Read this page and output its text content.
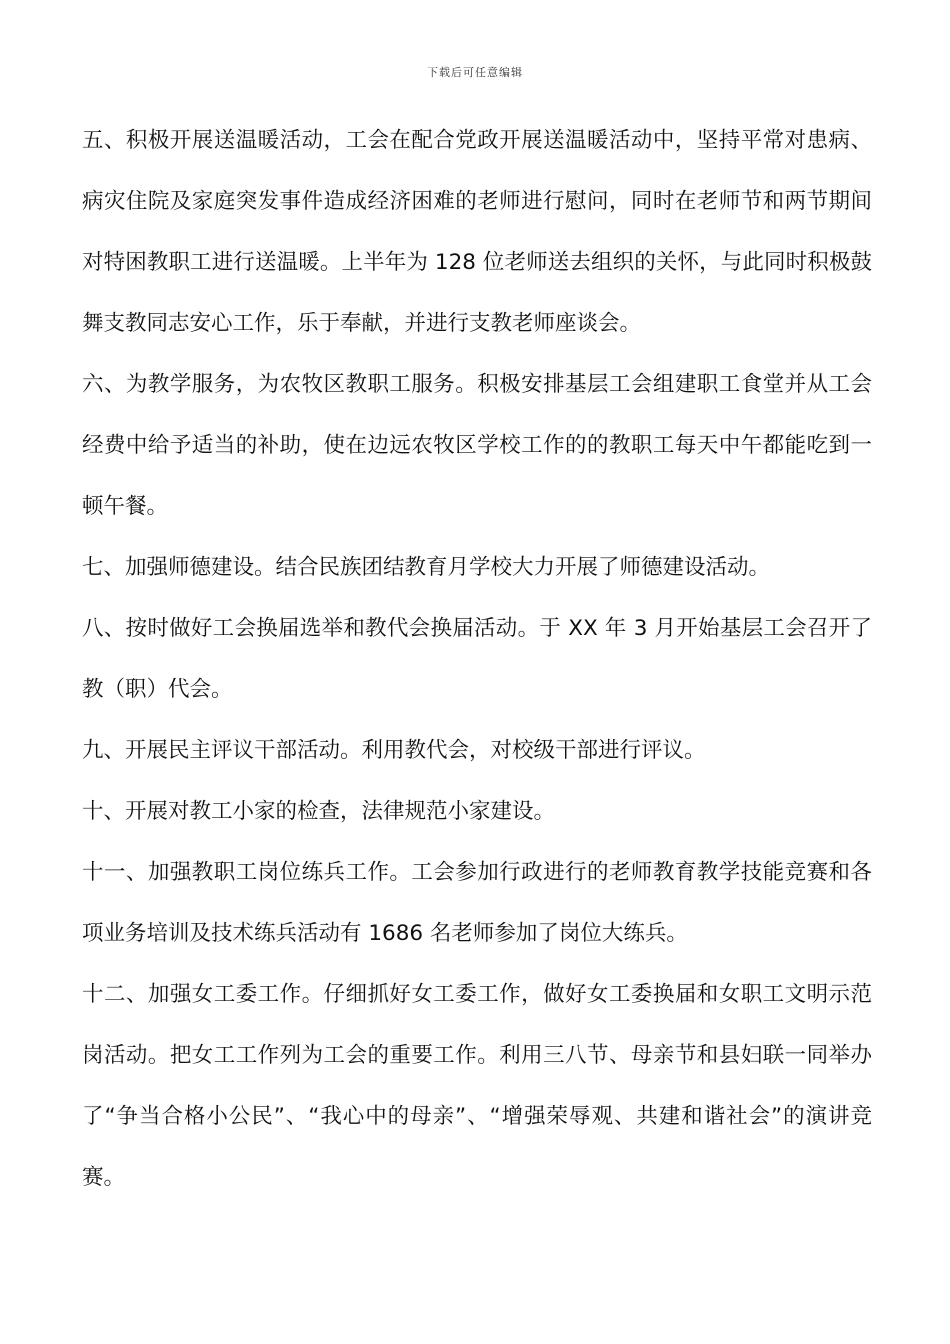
下载后可任意编辑

五、积极开展送温暖活动，工会在配合党政开展送温暖活动中，坚持平常对患病、病灾住院及家庭突发事件造成经济困难的老师进行慰问，同时在老师节和两节期间对特困教职工进行送温暖。上半年为 128 位老师送去组织的关怀，与此同时积极鼓舞支教同志安心工作，乐于奉献，并进行支教老师座谈会。

六、为教学服务，为农牧区教职工服务。积极安排基层工会组建职工食堂并从工会经费中给予适当的补助，使在边远农牧区学校工作的的教职工每天中午都能吃到一顿午餐。

七、加强师德建设。结合民族团结教育月学校大力开展了师德建设活动。

八、按时做好工会换届选举和教代会换届活动。于 XX 年 3 月开始基层工会召开了教（职）代会。

九、开展民主评议干部活动。利用教代会，对校级干部进行评议。

十、开展对教工小家的检查，法律规范小家建设。

十一、加强教职工岗位练兵工作。工会参加行政进行的老师教育教学技能竞赛和各项业务培训及技术练兵活动有 1686 名老师参加了岗位大练兵。

十二、加强女工委工作。仔细抓好女工委工作，做好女工委换届和女职工文明示范岗活动。把女工工作列为工会的重要工作。利用三八节、母亲节和县妇联一同举办了“争当合格小公民”、“我心中的母亲”、“增强荣辱观、共建和谐社会”的演讲竞赛。
